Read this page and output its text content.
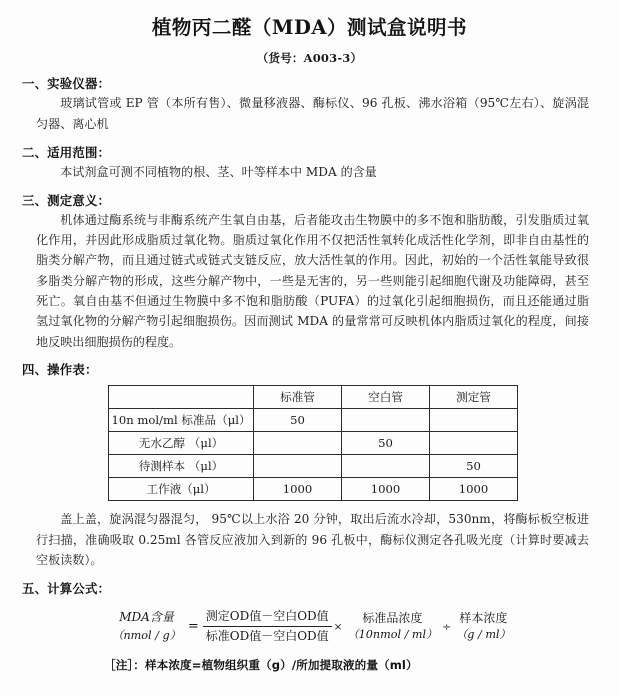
植物丙二醛（MDA）测试盒说明书
（货号：A003-3）
一、实验仪器：

玻璃试管或 EP 管（本所有售）、微量移液器、酶标仪、96 孔板、沸水浴箱（95℃左右）、旋涡混匀器、离心机

二、适用范围：

本试剂盒可测不同植物的根、茎、叶等样本中 MDA 的含量

三、测定意义：

机体通过酶系统与非酶系统产生氧自由基，后者能攻击生物膜中的多不饱和脂肪酸，引发脂质过氧化作用，并因此形成脂质过氧化物。脂质过氧化作用不仅把活性氧转化成活性化学剂，即非自由基性的脂类分解产物，而且通过链式或链式支链反应，放大活性氧的作用。因此，初始的一个活性氧能导致很多脂类分解产物的形成，这些分解产物中，一些是无害的，另一些则能引起细胞代谢及功能障碍，甚至死亡。氧自由基不但通过生物膜中多不饱和脂肪酸（PUFA）的过氧化引起细胞损伤，而且还能通过脂氢过氧化物的分解产物引起细胞损伤。因而测试 MDA 的量常常可反映机体内脂质过氧化的程度，间接地反映出细胞损伤的程度。

四、操作表：
	标准管	空白管	测定管
10n mol/ml 标准品（μl）	50		
无水乙醇 （μl）		50	
待测样本 （μl）			50
工作液（μl）	1000	1000	1000

盖上盖，旋涡混匀器混匀， 95℃以上水浴 20 分钟，取出后流水冷却，530nm，将酶标板空板进行扫描，准确吸取 0.25ml 各管反应液加入到新的 96 孔板中，酶标仪测定各孔吸光度（计算时要减去空板读数）。

五、计算公式：
MDA含量
（nmol / g）
= $\frac{\text{测定OD值－空白OD值}}{\text{标准OD值－空白OD值}}$ ×
标准品浓度
（10nmol / ml）
÷
样本浓度
（g / ml）
［注］：样本浓度=植物组织重（g）/所加提取液的量（ml）
